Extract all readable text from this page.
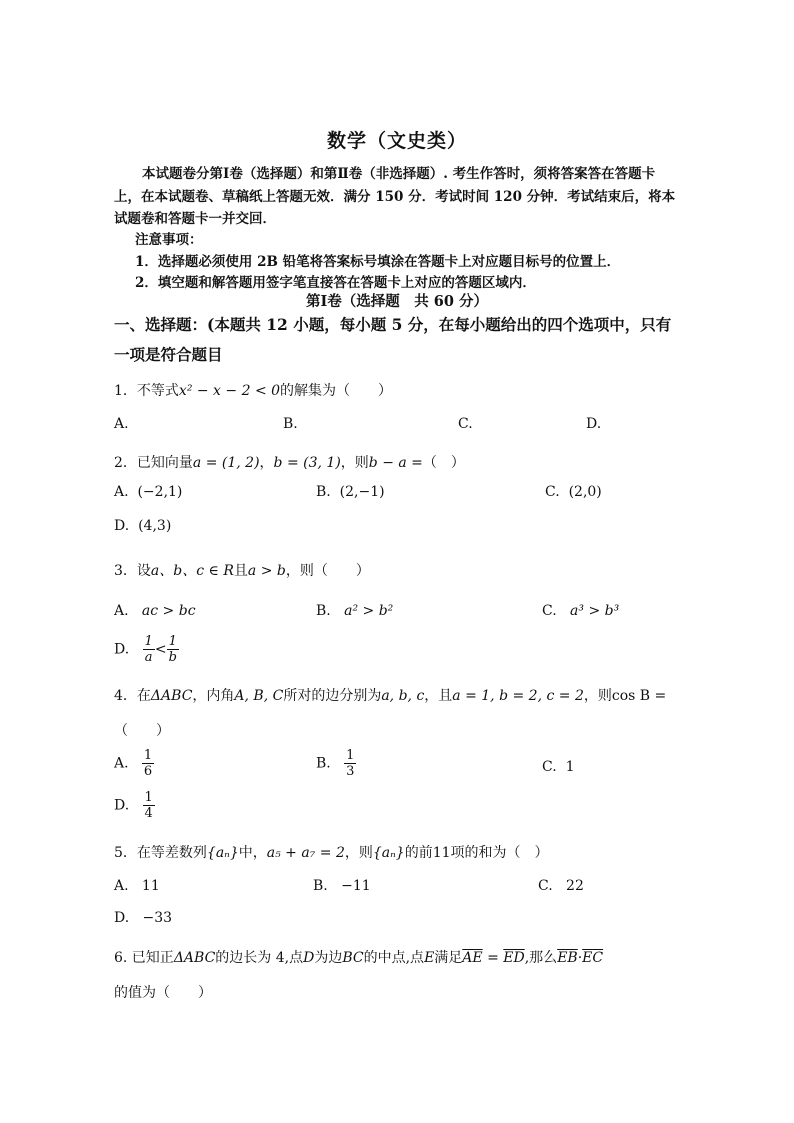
数学（文史类）
本试题卷分第Ⅰ卷（选择题）和第Ⅱ卷（非选择题）. 考生作答时，须将答案答在答题卡
上，在本试题卷、草稿纸上答题无效．满分 150 分．考试时间 120 分钟．考试结束后，将本
试题卷和答题卡一并交回．
注意事项：
1．选择题必须使用 2B 铅笔将答案标号填涂在答题卡上对应题目标号的位置上．
2．填空题和解答题用签字笔直接答在答题卡上对应的答题区域内．
第Ⅰ卷（选择题　共 60 分）
一、选择题：(本题共 12 小题，每小题 5 分，在每小题给出的四个选项中，只有
一项是符合题目
1．不等式x² − x − 2 < 0的解集为（　　）
A.	B.	C.	D.
2．已知向量a = (1, 2)，b = (3, 1)，则b − a =（　）
A. (−2,1)	B. (2,−1)	C. (2,0)
D. (4,3)
3．设a、b、c ∈ R且a > b，则（　　）
A. ac > bc	B. a² > b²	C. a³ > b³
D. $\frac{1}{a} < \frac{1}{b}$
4．在ΔABC，内角A, B, C所对的边分别为a, b, c，且a = 1, b = 2, c = 2，则cos B =
（　　）
A. $\frac{1}{6}$	B. $\frac{1}{3}$	C. 1
D. $\frac{1}{4}$
5．在等差数列{aₙ}中，a₅ + a₇ = 2，则{aₙ}的前11项的和为（　）
A. 11	B. −11	C. 22
D. −33
6. 已知正ΔABC的边长为 4,点D为边BC的中点,点E满足$\overline{AE} = \overline{ED}$,那么$\overline{EB}\cdot\overline{EC}$
的值为（　　）
